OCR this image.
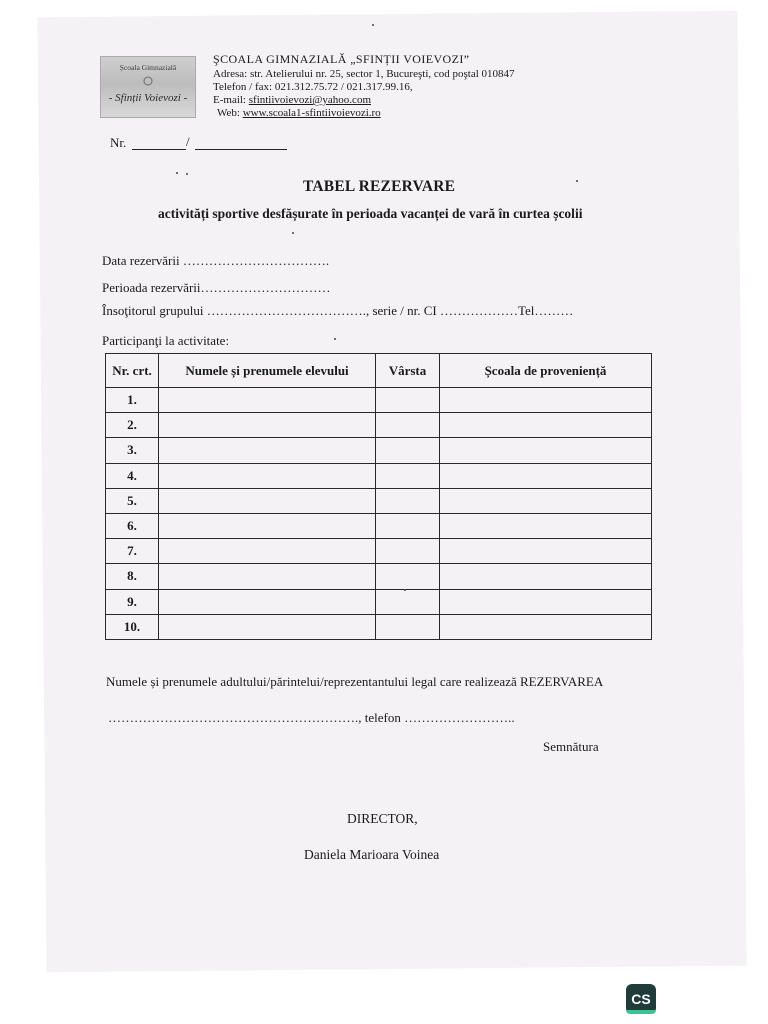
Școala Gimnazială
- Sfinții Voievozi -
ŞCOALA GIMNAZIALĂ „SFINȚII VOIEVOZI”
Adresa: str. Atelierului nr. 25, sector 1, Bucureşti, cod poştal 010847
Telefon / fax: 021.312.75.72 / 021.317.99.16,
E-mail: sfintiivoievozi@yahoo.com
Web: www.scoala1-sfintiivoievozi.ro
Nr.	/
TABEL REZERVARE
activități sportive desfășurate în perioada vacanței de vară în curtea școlii
Data rezervării …………………………….
Perioada rezervării…………………………
Însoţitorul grupului ………………………………., serie / nr. CI ………………Tel………
Participanţi la activitate:
Nr. crt.	Numele și prenumele elevului	Vârsta	Școala de proveniență
1.			
2.			
3.			
4.			
5.			
6.			
7.			
8.			
9.			
10.			
Numele și prenumele adultului/părintelui/reprezentantului legal care realizează REZERVAREA
…………………………………………………., telefon ……………………..
Semnătura
DIRECTOR,
Daniela Marioara Voinea
CS
